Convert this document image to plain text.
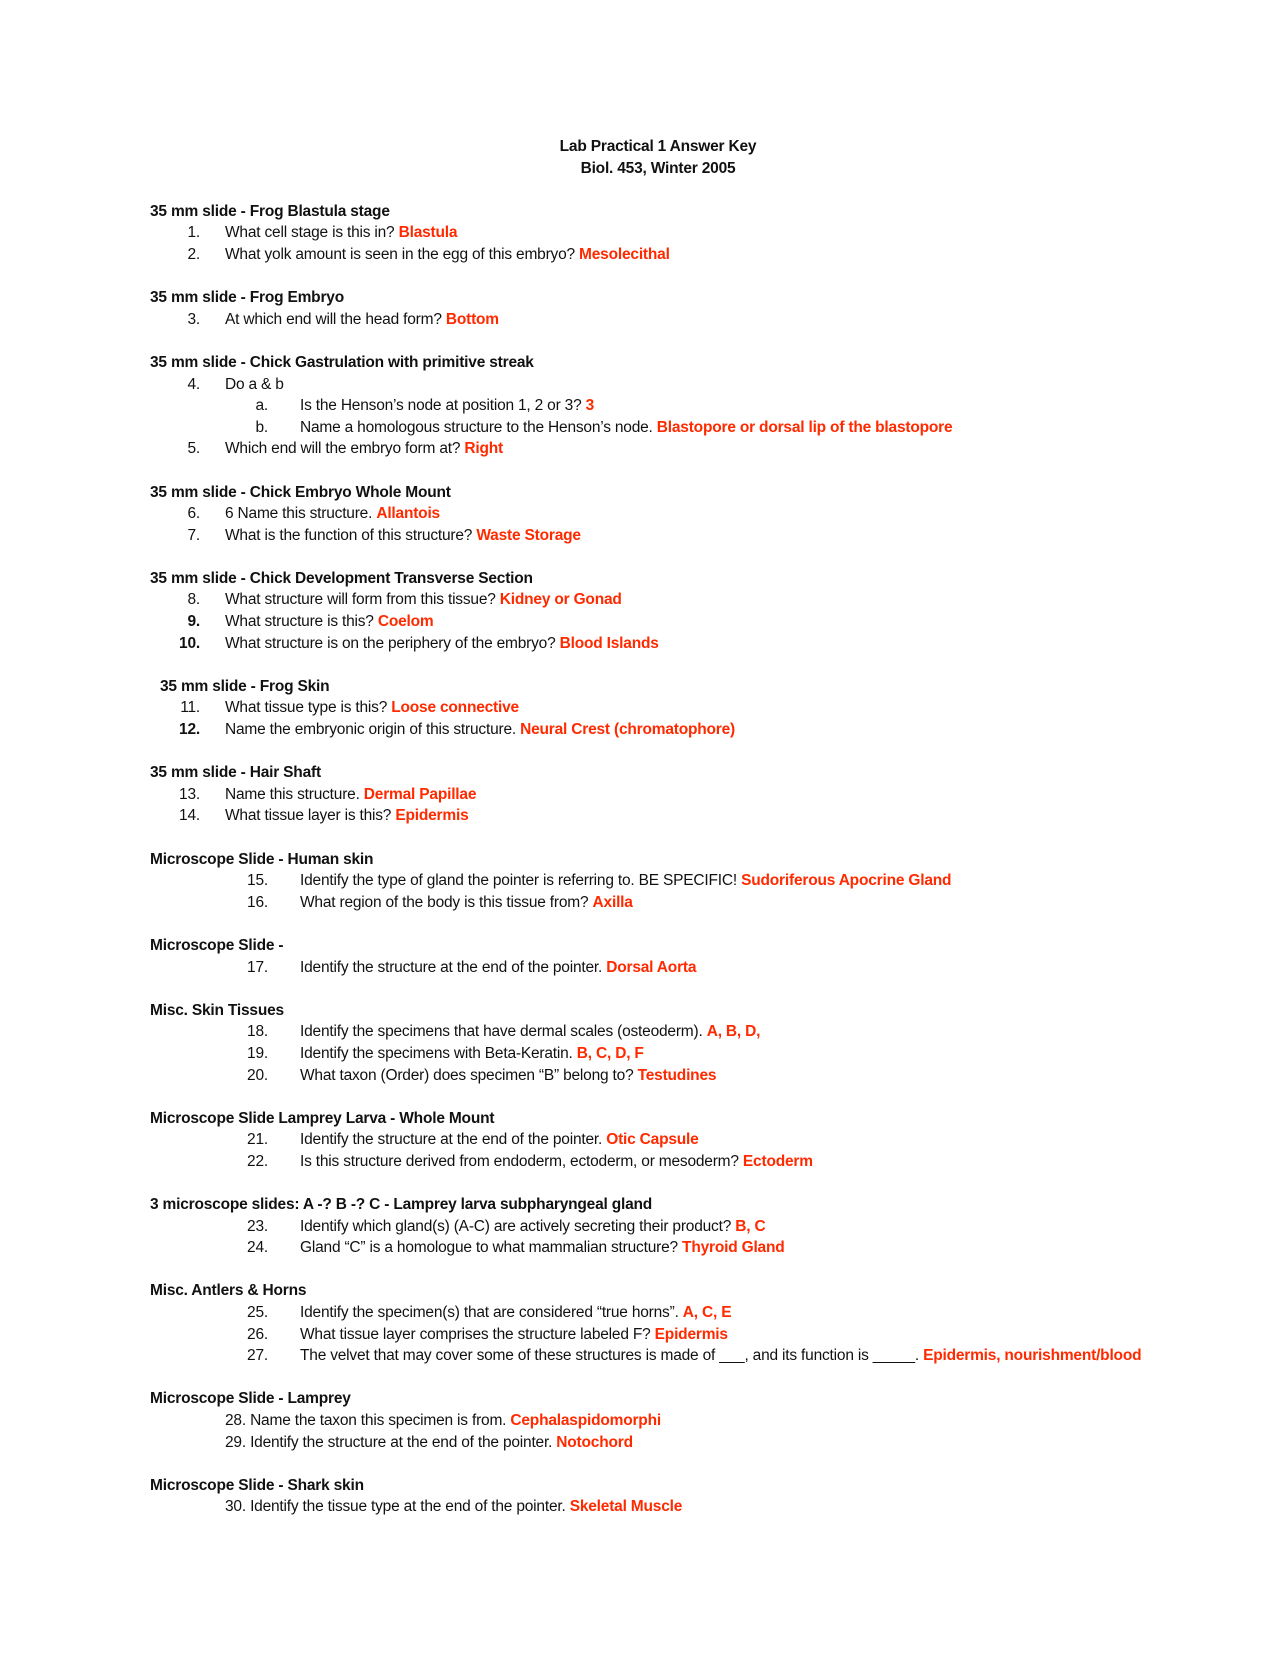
Lab Practical 1 Answer Key
Biol. 453, Winter 2005
35 mm slide - Frog Blastula stage
1. What cell stage is this in? Blastula
2. What yolk amount is seen in the egg of this embryo? Mesolecithal
35 mm slide - Frog Embryo
3. At which end will the head form? Bottom
35 mm slide - Chick Gastrulation with primitive streak
4. Do a & b
a. Is the Henson’s node at position 1, 2 or 3? 3
b. Name a homologous structure to the Henson’s node. Blastopore or dorsal lip of the blastopore
5. Which end will the embryo form at? Right
35 mm slide - Chick Embryo Whole Mount
6. 6 Name this structure. Allantois
7. What is the function of this structure? Waste Storage
35 mm slide - Chick Development Transverse Section
8. What structure will form from this tissue? Kidney or Gonad
9. What structure is this? Coelom
10. What structure is on the periphery of the embryo? Blood Islands
35 mm slide - Frog Skin
11. What tissue type is this? Loose connective
12. Name the embryonic origin of this structure. Neural Crest (chromatophore)
35 mm slide - Hair Shaft
13. Name this structure. Dermal Papillae
14. What tissue layer is this? Epidermis
Microscope Slide - Human skin
15. Identify the type of gland the pointer is referring to. BE SPECIFIC! Sudoriferous Apocrine Gland
16. What region of the body is this tissue from? Axilla
Microscope Slide -
17. Identify the structure at the end of the pointer. Dorsal Aorta
Misc. Skin Tissues
18. Identify the specimens that have dermal scales (osteoderm). A, B, D,
19. Identify the specimens with Beta-Keratin. B, C, D, F
20. What taxon (Order) does specimen “B” belong to? Testudines
Microscope Slide Lamprey Larva - Whole Mount
21. Identify the structure at the end of the pointer. Otic Capsule
22. Is this structure derived from endoderm, ectoderm, or mesoderm? Ectoderm
3 microscope slides: A -? B -? C - Lamprey larva subpharyngeal gland
23. Identify which gland(s) (A-C) are actively secreting their product? B, C
24. Gland “C” is a homologue to what mammalian structure? Thyroid Gland
Misc. Antlers & Horns
25. Identify the specimen(s) that are considered “true horns”. A, C, E
26. What tissue layer comprises the structure labeled F? Epidermis
27. The velvet that may cover some of these structures is made of ___, and its function is _____. Epidermis, nourishment/blood
Microscope Slide - Lamprey
28. Name the taxon this specimen is from. Cephalaspidomorphi
29. Identify the structure at the end of the pointer. Notochord
Microscope Slide - Shark skin
30. Identify the tissue type at the end of the pointer. Skeletal Muscle
